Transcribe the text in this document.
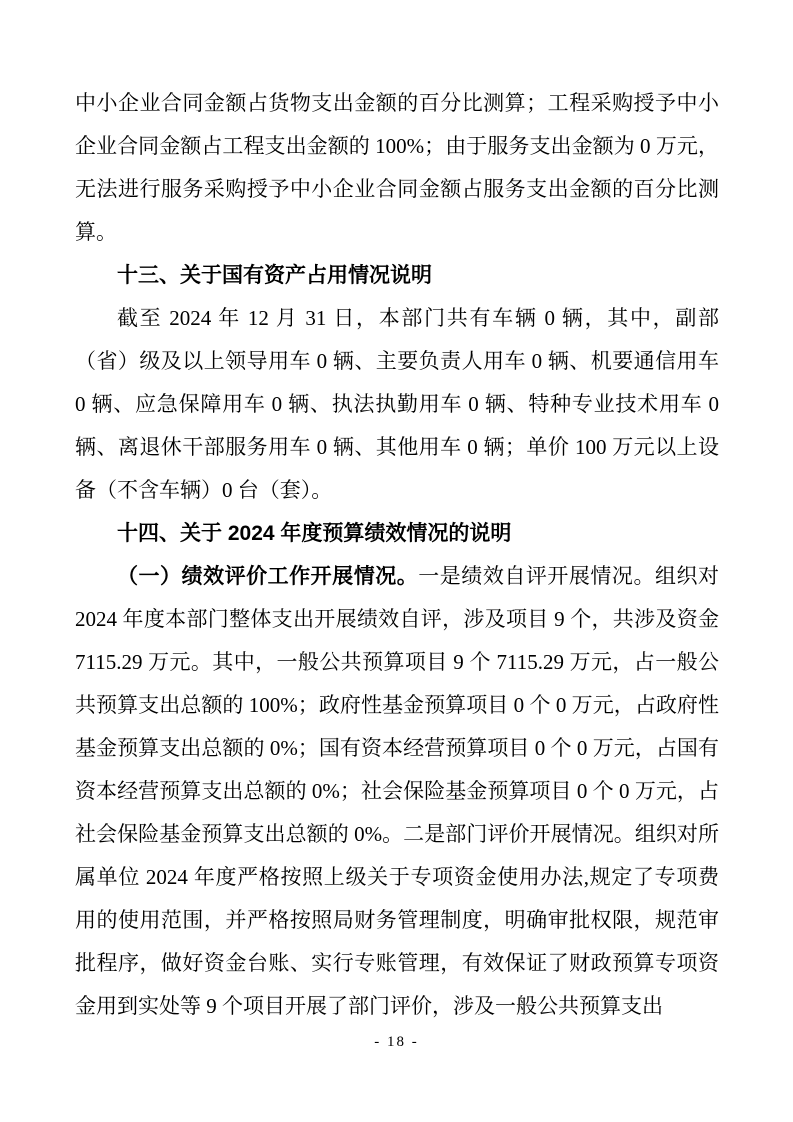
中小企业合同金额占货物支出金额的百分比测算；工程采购授予中小企业合同金额占工程支出金额的 100%；由于服务支出金额为 0 万元，无法进行服务采购授予中小企业合同金额占服务支出金额的百分比测算。

十三、关于国有资产占用情况说明

截至 2024 年 12 月 31 日，本部门共有车辆 0 辆，其中，副部（省）级及以上领导用车 0 辆、主要负责人用车 0 辆、机要通信用车 0 辆、应急保障用车 0 辆、执法执勤用车 0 辆、特种专业技术用车 0 辆、离退休干部服务用车 0 辆、其他用车 0 辆；单价 100 万元以上设备（不含车辆）0 台（套）。

十四、关于 2024 年度预算绩效情况的说明

（一）绩效评价工作开展情况。一是绩效自评开展情况。组织对 2024 年度本部门整体支出开展绩效自评，涉及项目 9 个，共涉及资金 7115.29 万元。其中，一般公共预算项目 9 个 7115.29 万元，占一般公共预算支出总额的 100%；政府性基金预算项目 0 个 0 万元，占政府性基金预算支出总额的 0%；国有资本经营预算项目 0 个 0 万元，占国有资本经营预算支出总额的 0%；社会保险基金预算项目 0 个 0 万元，占社会保险基金预算支出总额的 0%。二是部门评价开展情况。组织对所属单位 2024 年度严格按照上级关于专项资金使用办法,规定了专项费用的使用范围，并严格按照局财务管理制度，明确审批权限，规范审批程序，做好资金台账、实行专账管理，有效保证了财政预算专项资金用到实处等 9 个项目开展了部门评价，涉及一般公共预算支出

- 18 -
